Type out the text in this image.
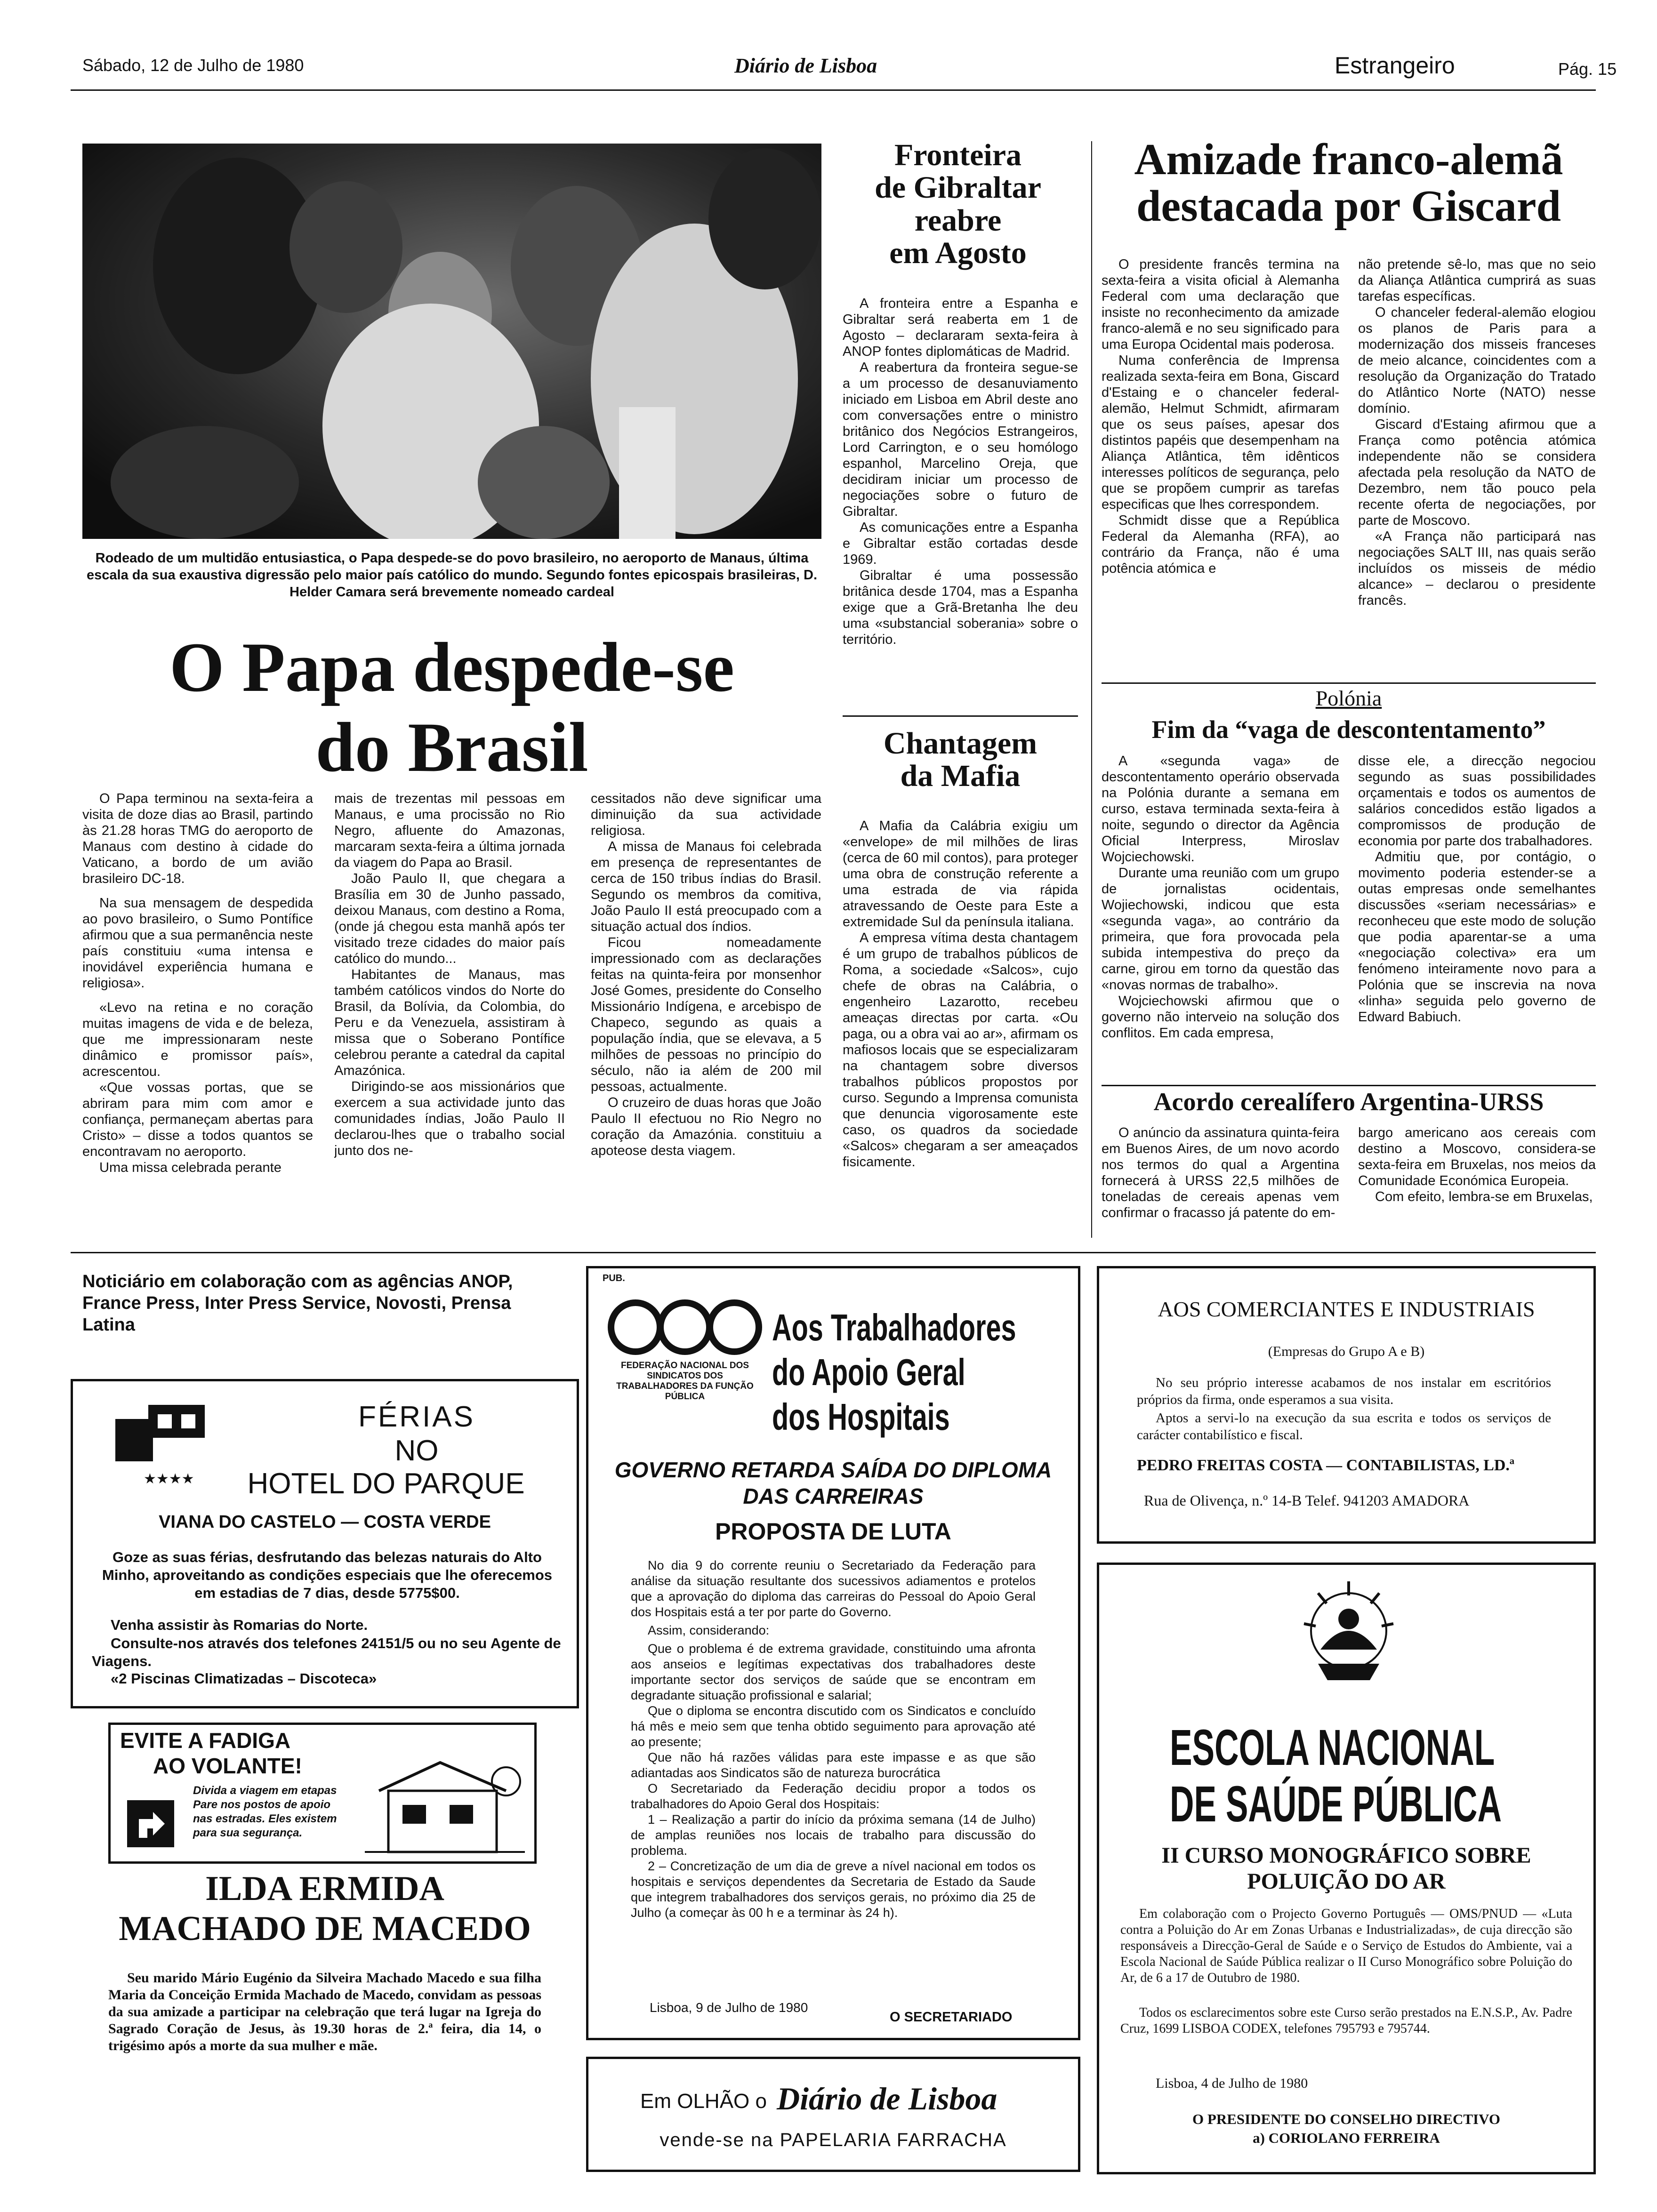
Sábado, 12 de Julho de 1980	Diário de Lisboa	Estrangeiro	Pág. 15
Rodeado de um multidão entusiastica, o Papa despede-se do povo brasileiro, no aeroporto de Manaus, última escala da sua exaustiva digressão pelo maior país católico do mundo. Segundo fontes epicospais brasileiras, D. Helder Camara será brevemente nomeado cardeal
O Papa despede-se
do Brasil

O Papa terminou na sexta-feira a visita de doze dias ao Brasil, partindo às 21.28 horas TMG do aeroporto de Manaus com destino à cidade do Vaticano, a bordo de um avião brasileiro DC-18.

Na sua mensagem de despedida ao povo brasileiro, o Sumo Pontífice afirmou que a sua permanência neste país constituiu «uma intensa e inovidável experiência humana e religiosa».

«Levo na retina e no coração muitas imagens de vida e de beleza, que me impressionaram neste dinâmico e promissor país», acrescentou.

«Que vossas portas, que se abriram para mim com amor e confiança, permaneçam abertas para Cristo» – disse a todos quantos se encontravam no aeroporto.

Uma missa celebrada perante

mais de trezentas mil pessoas em Manaus, e uma procissão no Rio Negro, afluente do Amazonas, marcaram sexta-feira a última jornada da viagem do Papa ao Brasil.

João Paulo II, que chegara a Brasília em 30 de Junho passado, deixou Manaus, com destino a Roma, (onde já chegou esta manhã após ter visitado treze cidades do maior país católico do mundo...

Habitantes de Manaus, mas também católicos vindos do Norte do Brasil, da Bolívia, da Colombia, do Peru e da Venezuela, assistiram à missa que o Soberano Pontífice celebrou perante a catedral da capital Amazónica.

Dirigindo-se aos missionários que exercem a sua actividade junto das comunidades índias, João Paulo II declarou-lhes que o trabalho social junto dos ne-

cessitados não deve significar uma diminuição da sua actividade religiosa.

A missa de Manaus foi celebrada em presença de representantes de cerca de 150 tribus índias do Brasil. Segundo os membros da comitiva, João Paulo II está preocupado com a situação actual dos índios.

Ficou nomeadamente impressionado com as declarações feitas na quinta-feira por monsenhor José Gomes, presidente do Conselho Missionário Indígena, e arcebispo de Chapeco, segundo as quais a população índia, que se elevava, a 5 milhões de pessoas no princípio do século, não ia além de 200 mil pessoas, actualmente.

O cruzeiro de duas horas que João Paulo II efectuou no Rio Negro no coração da Amazónia. constituiu a apoteose desta viagem.

Fronteira
de Gibraltar
reabre
em Agosto

A fronteira entre a Espanha e Gibraltar será reaberta em 1 de Agosto – declararam sexta-feira à ANOP fontes diplomáticas de Madrid.

A reabertura da fronteira segue-se a um processo de desanuviamento iniciado em Lisboa em Abril deste ano com conversações entre o ministro britânico dos Negócios Estrangeiros, Lord Carrington, e o seu homólogo espanhol, Marcelino Oreja, que decidiram iniciar um processo de negociações sobre o futuro de Gibraltar.

As comunicações entre a Espanha e Gibraltar estão cortadas desde 1969.

Gibraltar é uma possessão britânica desde 1704, mas a Espanha exige que a Grã-Bretanha lhe deu uma «substancial soberania» sobre o território.

Chantagem
da Mafia

A Mafia da Calábria exigiu um «envelope» de mil milhões de liras (cerca de 60 mil contos), para proteger uma obra de construção referente a uma estrada de via rápida atravessando de Oeste para Este a extremidade Sul da península italiana.

A empresa vítima desta chantagem é um grupo de trabalhos públicos de Roma, a sociedade «Salcos», cujo chefe de obras na Calábria, o engenheiro Lazarotto, recebeu ameaças directas por carta. «Ou paga, ou a obra vai ao ar», afirmam os mafiosos locais que se especializaram na chantagem sobre diversos trabalhos públicos propostos por curso. Segundo a Imprensa comunista que denuncia vigorosamente este caso, os quadros da sociedade «Salcos» chegaram a ser ameaçados fisicamente.

Amizade franco-alemã
destacada por Giscard

O presidente francês termina na sexta-feira a visita oficial à Alemanha Federal com uma declaração que insiste no reconhecimento da amizade franco-alemã e no seu significado para uma Europa Ocidental mais poderosa.

Numa conferência de Imprensa realizada sexta-feira em Bona, Giscard d'Estaing e o chanceler federal-alemão, Helmut Schmidt, afirmaram que os seus países, apesar dos distintos papéis que desempenham na Aliança Atlântica, têm idênticos interesses políticos de segurança, pelo que se propõem cumprir as tarefas especificas que lhes correspondem.

Schmidt disse que a República Federal da Alemanha (RFA), ao contrário da França, não é uma potência atómica e

não pretende sê-lo, mas que no seio da Aliança Atlântica cumprirá as suas tarefas específicas.

O chanceler federal-alemão elogiou os planos de Paris para a modernização dos misseis franceses de meio alcance, coincidentes com a resolução da Organização do Tratado do Atlântico Norte (NATO) nesse domínio.

Giscard d'Estaing afirmou que a França como potência atómica independente não se considera afectada pela resolução da NATO de Dezembro, nem tão pouco pela recente oferta de negociações, por parte de Moscovo.

«A França não participará nas negociações SALT III, nas quais serão incluídos os misseis de médio alcance» – declarou o presidente francês.

Polónia
Fim da “vaga de descontentamento”

A «segunda vaga» de descontentamento operário observada na Polónia durante a semana em curso, estava terminada sexta-feira à noite, segundo o director da Agência Oficial Interpress, Miroslav Wojciechowski.

Durante uma reunião com um grupo de jornalistas ocidentais, Wojiechowski, indicou que esta «segunda vaga», ao contrário da primeira, que fora provocada pela subida intempestiva do preço da carne, girou em torno da questão das «novas normas de trabalho».

Wojciechowski afirmou que o governo não interveio na solução dos conflitos. Em cada empresa,

disse ele, a direcção negociou segundo as suas possibilidades orçamentais e todos os aumentos de salários concedidos estão ligados a compromissos de produção de economia por parte dos trabalhadores.

Admitiu que, por contágio, o movimento poderia estender-se a outas empresas onde semelhantes discussões «seriam necessárias» e reconheceu que este modo de solução que podia aparentar-se a uma «negociação colectiva» era um fenómeno inteiramente novo para a Polónia que se inscrevia na nova «linha» seguida pelo governo de Edward Babiuch.

Acordo cerealífero Argentina-URSS

O anúncio da assinatura quinta-feira em Buenos Aires, de um novo acordo nos termos do qual a Argentina fornecerá à URSS 22,5 milhões de toneladas de cereais apenas vem confirmar o fracasso já patente do em-

bargo americano aos cereais com destino a Moscovo, considera-se sexta-feira em Bruxelas, nos meios da Comunidade Económica Europeia.

Com efeito, lembra-se em Bruxelas,

Noticiário em colaboração com as agências ANOP, France Press, Inter Press Service, Novosti, Prensa Latina
★★★★
FÉRIAS
NO
HOTEL DO PARQUE
VIANA DO CASTELO — COSTA VERDE
Goze as suas férias, desfrutando das belezas naturais do Alto Minho, aproveitando as condições especiais que lhe oferecemos em estadias de 7 dias, desde 5775$00.
Venha assistir às Romarias do Norte.
Consulte-nos através dos telefones 24151/5 ou no seu Agente de Viagens.
«2 Piscinas Climatizadas – Discoteca»
EVITE A FADIGA
AO VOLANTE!
Divida a viagem em etapas Pare nos postos de apoio nas estradas. Eles existem para sua segurança.
ILDA ERMIDA
MACHADO DE MACEDO
Seu marido Mário Eugénio da Silveira Machado Macedo e sua filha Maria da Conceição Ermida Machado de Macedo, convidam as pessoas da sua amizade a participar na celebração que terá lugar na Igreja do Sagrado Coração de Jesus, às 19.30 horas de 2.ª feira, dia 14, o trigésimo após a morte da sua mulher e mãe.
PUB.
FEDERAÇÃO NACIONAL DOS SINDICATOS DOS TRABALHADORES DA FUNÇÃO PÚBLICA
Aos Trabalhadores
do Apoio Geral
dos Hospitais
GOVERNO RETARDA SAÍDA DO DIPLOMA DAS CARREIRAS
PROPOSTA DE LUTA

No dia 9 do corrente reuniu o Secretariado da Federação para análise da situação resultante dos sucessivos adiamentos e protelos que a aprovação do diploma das carreiras do Pessoal do Apoio Geral dos Hospitais está a ter por parte do Governo.

Assim, considerando:

Que o problema é de extrema gravidade, constituindo uma afronta aos anseios e legítimas expectativas dos trabalhadores deste importante sector dos serviços de saúde que se encontram em degradante situação profissional e salarial;

Que o diploma se encontra discutido com os Sindicatos e concluído há mês e meio sem que tenha obtido seguimento para aprovação até ao presente;

Que não há razões válidas para este impasse e as que são adiantadas aos Sindicatos são de natureza burocrática

O Secretariado da Federação decidiu propor a todos os trabalhadores do Apoio Geral dos Hospitais:

1 – Realização a partir do início da próxima semana (14 de Julho) de amplas reuniões nos locais de trabalho para discussão do problema.

2 – Concretização de um dia de greve a nível nacional em todos os hospitais e serviços dependentes da Secretaria de Estado da Saude que integrem trabalhadores dos serviços gerais, no próximo dia 25 de Julho (a começar às 00 h e a terminar às 24 h).

Lisboa, 9 de Julho de 1980
O SECRETARIADO
Em OLHÃO o Diário de Lisboa
vende-se na PAPELARIA FARRACHA
AOS COMERCIANTES E INDUSTRIAIS
(Empresas do Grupo A e B)
No seu próprio interesse acabamos de nos instalar em escritórios próprios da firma, onde esperamos a sua visita.
Aptos a servi-lo na execução da sua escrita e todos os serviços de carácter contabilístico e fiscal.
PEDRO FREITAS COSTA — CONTABILISTAS, LD.ª
Rua de Olivença, n.º 14-B Telef. 941203 AMADORA
ESCOLA NACIONAL
DE SAÚDE PÚBLICA
II CURSO MONOGRÁFICO SOBRE
POLUIÇÃO DO AR
Em colaboração com o Projecto Governo Português — OMS/PNUD — «Luta contra a Poluição do Ar em Zonas Urbanas e Industrializadas», de cuja direcção são responsáveis a Direcção-Geral de Saúde e o Serviço de Estudos do Ambiente, vai a Escola Nacional de Saúde Pública realizar o II Curso Monográfico sobre Poluição do Ar, de 6 a 17 de Outubro de 1980.
Todos os esclarecimentos sobre este Curso serão prestados na E.N.S.P., Av. Padre Cruz, 1699 LISBOA CODEX, telefones 795793 e 795744.
Lisboa, 4 de Julho de 1980
O PRESIDENTE DO CONSELHO DIRECTIVO
a) CORIOLANO FERREIRA
